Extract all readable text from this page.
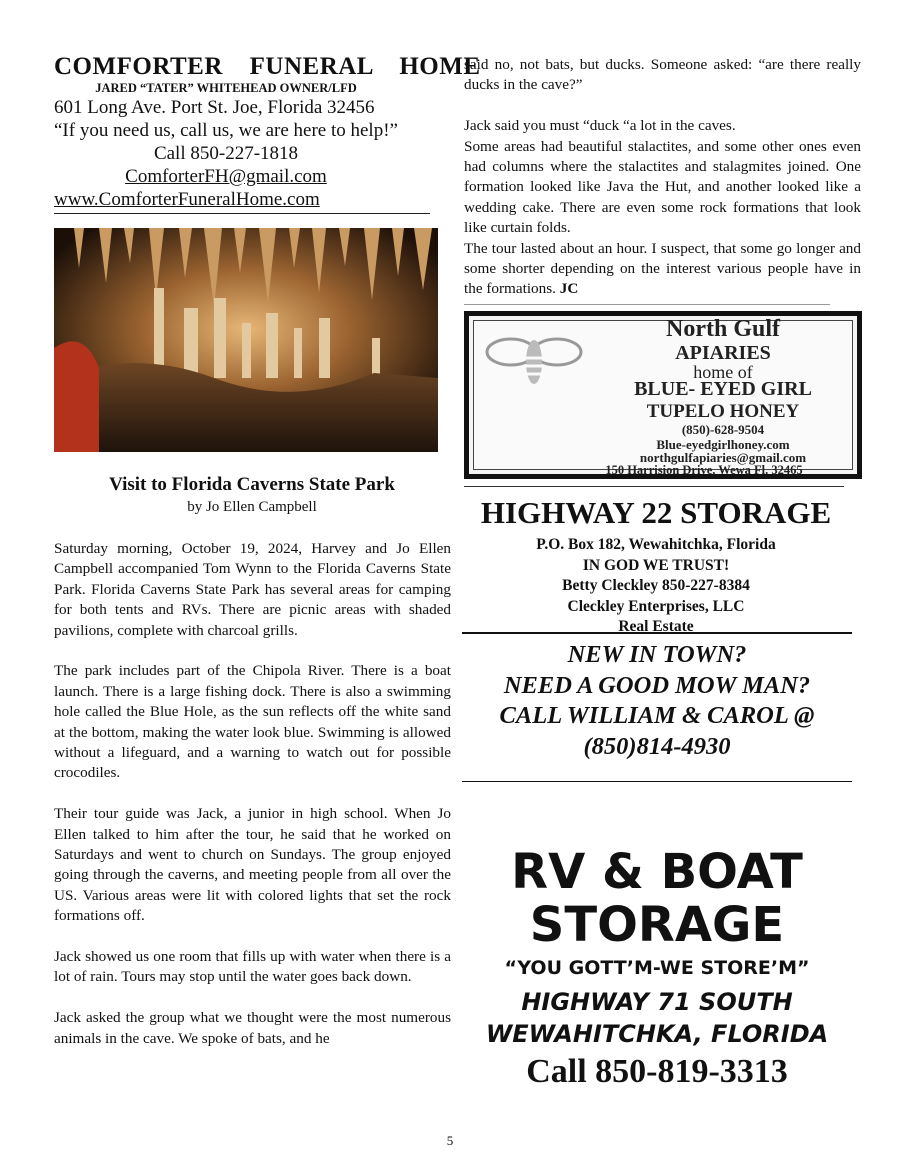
COMFORTER FUNERAL HOME
JARED “TATER” WHITEHEAD OWNER/LFD
601 Long Ave. Port St. Joe, Florida 32456
“If you need us, call us, we are here to help!”
Call 850-227-1818
ComforterFH@gmail.com
www.ComforterFuneralHome.com
Visit to Florida Caverns State Park
by Jo Ellen Campbell

Saturday morning, October 19, 2024, Harvey and Jo Ellen Campbell accompanied Tom Wynn to the Florida Caverns State Park. Florida Caverns State Park has several areas for camping for both tents and RVs. There are picnic areas with shaded pavilions, complete with charcoal grills.

The park includes part of the Chipola River. There is a boat launch. There is a large fishing dock. There is also a swimming hole called the Blue Hole, as the sun reflects off the white sand at the bottom, making the water look blue. Swimming is allowed without a lifeguard, and a warning to watch out for possible crocodiles.

Their tour guide was Jack, a junior in high school. When Jo Ellen talked to him after the tour, he said that he worked on Saturdays and went to church on Sundays. The group enjoyed going through the caverns, and meeting people from all over the US. Various areas were lit with colored lights that set the rock formations off.

Jack showed us one room that fills up with water when there is a lot of rain. Tours may stop until the water goes back down.

Jack asked the group what we thought were the most numerous animals in the cave. We spoke of bats, and he

said no, not bats, but ducks. Someone asked: “are there really ducks in the cave?”

Jack said you must “duck “a lot in the caves.

Some areas had beautiful stalactites, and some other ones even had columns where the stalactites and stalagmites joined. One formation looked like Java the Hut, and another looked like a wedding cake. There are even some rock formations that look like curtain folds.

The tour lasted about an hour. I suspect, that some go longer and some shorter depending on the interest various people have in the formations. JC

North Gulf
APIARIES
home of
BLUE- EYED GIRL
TUPELO HONEY
(850)-628-9504
Blue-eyedgirlhoney.com
northgulfapiaries@gmail.com
150 Harrision Drive, Wewa Fl. 32465
HIGHWAY 22 STORAGE
P.O. Box 182, Wewahitchka, Florida
IN GOD WE TRUST!
Betty Cleckley 850-227-8384
Cleckley Enterprises, LLC
Real Estate
NEW IN TOWN?
NEED A GOOD MOW MAN?
CALL WILLIAM & CAROL @
(850)814-4930
RV & BOAT
STORAGE
“YOU GOTT’M-WE STORE’M”
HIGHWAY 71 SOUTH
WEWAHITCHKA, FLORIDA
Call 850-819-3313
5
